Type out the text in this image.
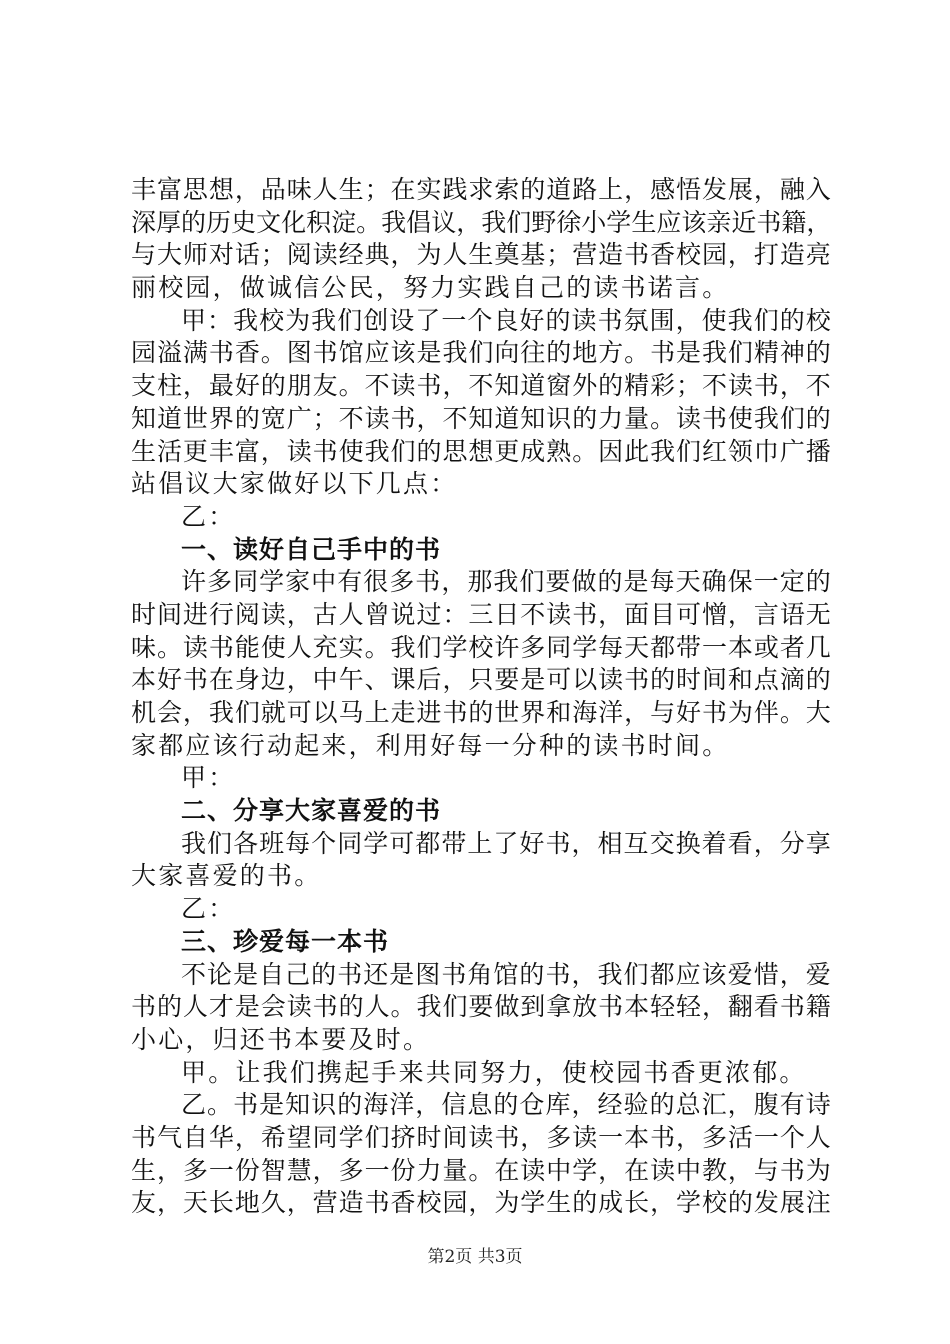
丰 富 思 想 ， 品 味 人 生 ； 在 实 践 求 索 的 道 路 上 ， 感 悟 发 展 ， 融 入
深 厚 的 历 史 文 化 积 淀 。 我 倡 议 ， 我 们 野 徐 小 学 生 应 该 亲 近 书 籍 ，
与 大 师 对 话 ； 阅 读 经 典 ， 为 人 生 奠 基 ； 营 造 书 香 校 园 ， 打 造 亮
丽校园，做诚信公民，努力实践自己的读书诺言。
甲 ： 我 校 为 我 们 创 设 了 一 个 良 好 的 读 书 氛 围 ， 使 我 们 的 校
园 溢 满 书 香 。 图 书 馆 应 该 是 我 们 向 往 的 地 方 。 书 是 我 们 精 神 的
支 柱 ， 最 好 的 朋 友 。 不 读 书 ， 不 知 道 窗 外 的 精 彩 ； 不 读 书 ， 不
知 道 世 界 的 宽 广 ； 不 读 书 ， 不 知 道 知 识 的 力 量 。 读 书 使 我 们 的
生 活 更 丰 富 ， 读 书 使 我 们 的 思 想 更 成 熟 。 因 此 我 们 红 领 巾 广 播
站倡议大家做好以下几点：
乙：
一、读好自己手中的书
许 多 同 学 家 中 有 很 多 书 ， 那 我 们 要 做 的 是 每 天 确 保 一 定 的
时 间 进 行 阅 读 ， 古 人 曾 说 过 ： 三 日 不 读 书 ， 面 目 可 憎 ， 言 语 无
味 。 读 书 能 使 人 充 实 。 我 们 学 校 许 多 同 学 每 天 都 带 一 本 或 者 几
本 好 书 在 身 边 ， 中 午 、 课 后 ， 只 要 是 可 以 读 书 的 时 间 和 点 滴 的
机 会 ， 我 们 就 可 以 马 上 走 进 书 的 世 界 和 海 洋 ， 与 好 书 为 伴 。 大
家都应该行动起来，利用好每一分种的读书时间。
甲：
二、分享大家喜爱的书
我 们 各 班 每 个 同 学 可 都 带 上 了 好 书 ， 相 互 交 换 着 看 ， 分 享
大家喜爱的书。
乙：
三、珍爱每一本书
不 论 是 自 己 的 书 还 是 图 书 角 馆 的 书 ， 我 们 都 应 该 爱 惜 ， 爱
书 的 人 才 是 会 读 书 的 人 。 我 们 要 做 到 拿 放 书 本 轻 轻 ， 翻 看 书 籍
小心，归还书本要及时。
甲。让我们携起手来共同努力，使校园书香更浓郁。
乙 。 书 是 知 识 的 海 洋 ， 信 息 的 仓 库 ， 经 验 的 总 汇 ， 腹 有 诗
书 气 自 华 ， 希 望 同 学 们 挤 时 间 读 书 ， 多 读 一 本 书 ， 多 活 一 个 人
生 ， 多 一 份 智 慧 ， 多 一 份 力 量 。 在 读 中 学 ， 在 读 中 教 ， 与 书 为
友 ， 天 长 地 久 ， 营 造 书 香 校 园 ， 为 学 生 的 成 长 ， 学 校 的 发 展 注
第2页 共3页
